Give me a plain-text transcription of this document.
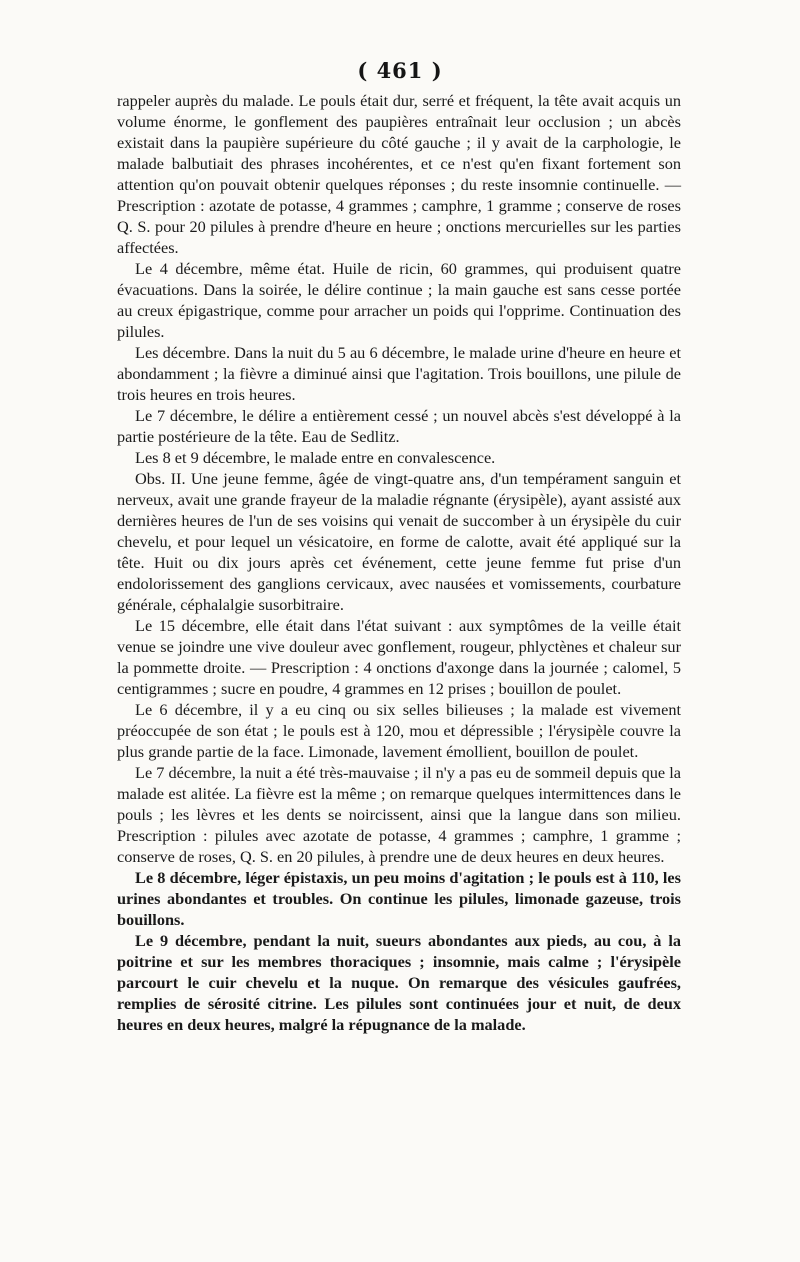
( 461 )

rappeler auprès du malade. Le pouls était dur, serré et fréquent, la tête avait acquis un volume énorme, le gonflement des paupières entraînait leur occlusion ; un abcès existait dans la paupière supérieure du côté gauche ; il y avait de la carphologie, le malade balbutiait des phrases incohérentes, et ce n'est qu'en fixant fortement son attention qu'on pouvait obtenir quelques réponses ; du reste insomnie continuelle. — Prescription : azotate de potasse, 4 grammes ; camphre, 1 gramme ; conserve de roses Q. S. pour 20 pilules à prendre d'heure en heure ; onctions mercurielles sur les parties affectées.

Le 4 décembre, même état. Huile de ricin, 60 grammes, qui produisent quatre évacuations. Dans la soirée, le délire continue ; la main gauche est sans cesse portée au creux épigastrique, comme pour arracher un poids qui l'opprime. Continuation des pilules.

Les décembre. Dans la nuit du 5 au 6 décembre, le malade urine d'heure en heure et abondamment ; la fièvre a diminué ainsi que l'agitation. Trois bouillons, une pilule de trois heures en trois heures.

Le 7 décembre, le délire a entièrement cessé ; un nouvel abcès s'est développé à la partie postérieure de la tête. Eau de Sedlitz.

Les 8 et 9 décembre, le malade entre en convalescence.

Obs. II. Une jeune femme, âgée de vingt-quatre ans, d'un tempérament sanguin et nerveux, avait une grande frayeur de la maladie régnante (érysipèle), ayant assisté aux dernières heures de l'un de ses voisins qui venait de succomber à un érysipèle du cuir chevelu, et pour lequel un vésicatoire, en forme de calotte, avait été appliqué sur la tête. Huit ou dix jours après cet événement, cette jeune femme fut prise d'un endolorissement des ganglions cervicaux, avec nausées et vomissements, courbature générale, céphalalgie susorbitraire.

Le 15 décembre, elle était dans l'état suivant : aux symptômes de la veille était venue se joindre une vive douleur avec gonflement, rougeur, phlyctènes et chaleur sur la pommette droite. — Prescription : 4 onctions d'axonge dans la journée ; calomel, 5 centigrammes ; sucre en poudre, 4 grammes en 12 prises ; bouillon de poulet.

Le 6 décembre, il y a eu cinq ou six selles bilieuses ; la malade est vivement préoccupée de son état ; le pouls est à 120, mou et dépressible ; l'érysipèle couvre la plus grande partie de la face. Limonade, lavement émollient, bouillon de poulet.

Le 7 décembre, la nuit a été très-mauvaise ; il n'y a pas eu de sommeil depuis que la malade est alitée. La fièvre est la même ; on remarque quelques intermittences dans le pouls ; les lèvres et les dents se noircissent, ainsi que la langue dans son milieu. Prescription : pilules avec azotate de potasse, 4 grammes ; camphre, 1 gramme ; conserve de roses, Q. S. en 20 pilules, à prendre une de deux heures en deux heures.

Le 8 décembre, léger épistaxis, un peu moins d'agitation ; le pouls est à 110, les urines abondantes et troubles. On continue les pilules, limonade gazeuse, trois bouillons.

Le 9 décembre, pendant la nuit, sueurs abondantes aux pieds, au cou, à la poitrine et sur les membres thoraciques ; insomnie, mais calme ; l'érysipèle parcourt le cuir chevelu et la nuque. On remarque des vésicules gaufrées, remplies de sérosité citrine. Les pilules sont continuées jour et nuit, de deux heures en deux heures, malgré la répugnance de la malade.
